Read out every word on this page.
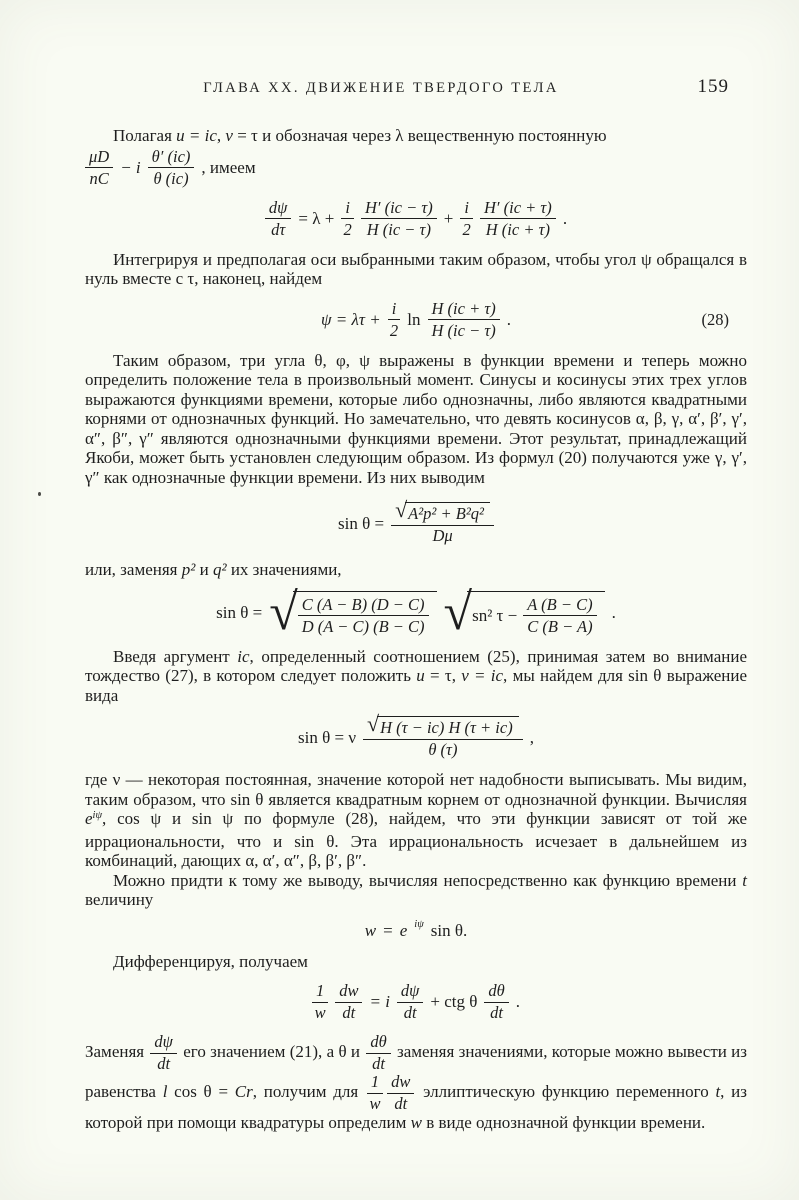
ГЛАВА XX. ДВИЖЕНИЕ ТВЕРДОГО ТЕЛА	159

Полагая u = ic, v = τ и обозначая через λ вещественную постоянную

$\frac{\mu D}{nC} - i \frac{\theta' (ic)}{\theta (ic)}$ , имеем
$\frac{d\psi}{d\tau} = \lambda + \frac{i}{2} \frac{H' (ic - \tau)}{H (ic - \tau)} + \frac{i}{2} \frac{H' (ic + \tau)}{H (ic + \tau)}$ .

Интегрируя и предполагая оси выбранными таким образом, чтобы угол ψ обращался в нуль вместе с τ, наконец, найдем

$\psi = \lambda\tau + \frac{i}{2}$ $\ln \frac{H (ic + \tau)}{H (ic - \tau)}$ .	(28)

Таким образом, три угла θ, φ, ψ выражены в функции времени и теперь можно определить положение тела в произвольный момент. Синусы и косинусы этих трех углов выражаются функциями времени, которые либо однозначны, либо являются квадратными корнями от однозначных функций. Но замечательно, что девять косинусов α, β, γ, α′, β′, γ′, α″, β″, γ″ являются однозначными функциями времени. Этот результат, принадлежащий Якоби, может быть установлен следующим образом. Из формул (20) получаются уже γ, γ′, γ″ как однозначные функции времени. Из них выводим

$\sin \theta = \frac{\text{√ A²p² + B²q²}}{D\mu}$

или, заменяя p² и q² их значениями,

sin θ = √ $\frac{C (A - B) (D - C)}{D (A - C) (B - C)}$ √ sn² $\tau - \frac{A (B - C)}{C (B - A)}$ .

Введя аргумент ic, определенный соотношением (25), принимая затем во внимание тождество (27), в котором следует положить u = τ, v = ic, мы найдем для sin θ выражение вида

sin θ = ν $\frac{√ H (\tau - ic) H (\tau + ic)}{\theta (\tau)}$ ,

где ν — некоторая постоянная, значение которой нет надобности выписывать. Мы видим, таким образом, что sin θ является квадратным корнем от однозначной функции. Вычисляя $e^{i\psi}$, cos ψ и sin ψ по формуле (28), найдем, что эти функции зависят от той же иррациональности, что и sin θ. Эта иррациональность исчезает в дальнейшем из комбинаций, дающих α, α′, α″, β, β′, β″.

Можно придти к тому же выводу, вычисляя непосредственно как функцию времени t величину

w = e iψ sin θ.

Дифференцируя, получаем

$\frac{1}{w} \frac{dw}{dt} = i \frac{d\psi}{dt}$ + ctg θ $\frac{d\theta}{dt}$ .

Заменяя $\frac{d\psi}{dt}$ его значением (21), а θ и $\frac{d\theta}{dt}$ заменяя значениями, которые можно вывести из равенства l cos θ = Cr, получим для $\frac{1}{w} \frac{dw}{dt}$ эллиптическую функцию переменного t, из которой при помощи квадратуры определим w в виде однозначной функции времени.
